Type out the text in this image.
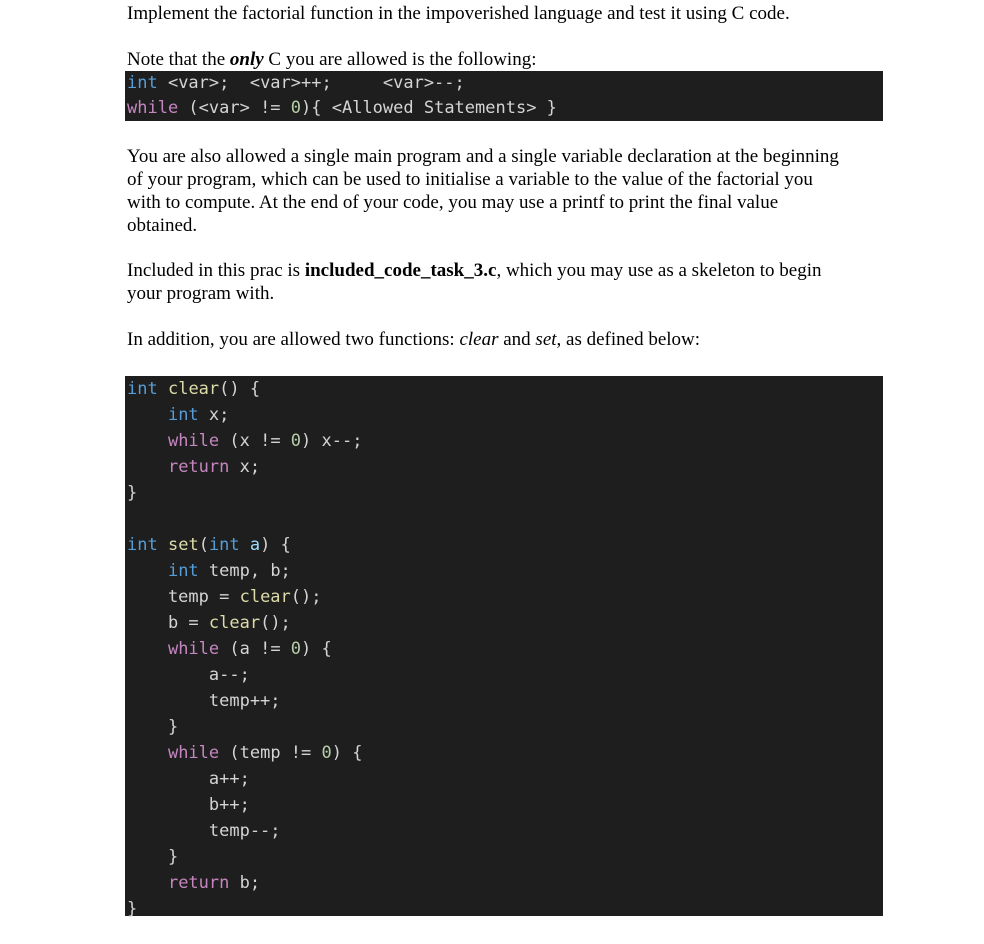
Implement the factorial function in the impoverished language and test it using C code.

Note that the only C you are allowed is the following:

You are also allowed a single main program and a single variable declaration at the beginning
of your program, which can be used to initialise a variable to the value of the factorial you
with to compute. At the end of your code, you may use a printf to print the final value
obtained.

Included in this prac is included_code_task_3.c, which you may use as a skeleton to begin
your program with.

In addition, you are allowed two functions: clear and set, as defined below:

int <var>;  <var>++;     <var>--;
while (<var> != 0){ <Allowed Statements> }
int clear() {
int x;
while (x != 0) x--;
return x;
}
int set(int a) {
int temp, b;
temp = clear();
b = clear();
while (a != 0) {
a--;
temp++;
}
while (temp != 0) {
a++;
b++;
temp--;
}
return b;
}
